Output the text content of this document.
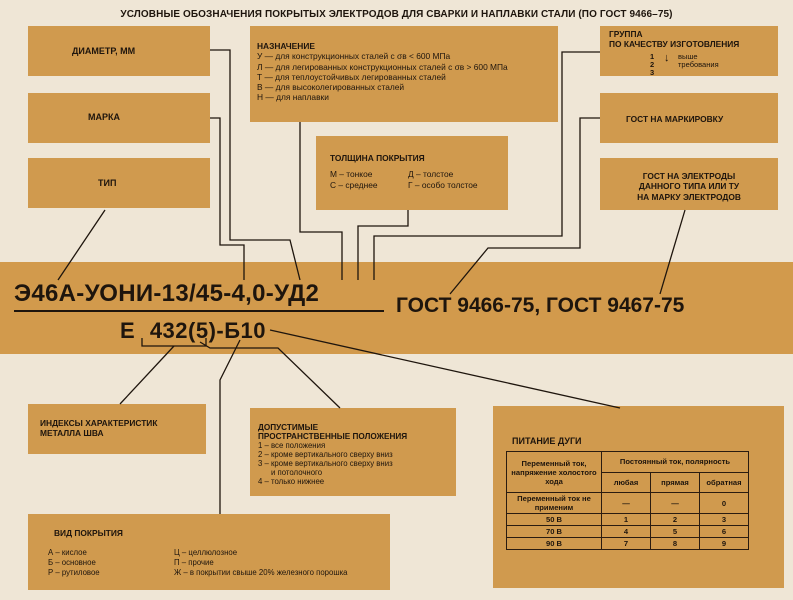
УСЛОВНЫЕ ОБОЗНАЧЕНИЯ ПОКРЫТЫХ ЭЛЕКТРОДОВ ДЛЯ СВАРКИ И НАПЛАВКИ СТАЛИ (ПО ГОСТ 9466–75)
ДИАМЕТР, ММ
МАРКА
ТИП
НАЗНАЧЕНИЕ
У — для конструкционных сталей с σв < 600 МПа
Л — для легированных конструкционных сталей с σв > 600 МПа
Т — для теплоустойчивых легированных сталей
В — для высоколегированных сталей
Н — для наплавки
ТОЛЩИНА ПОКРЫТИЯ
М – тонкое	Д – толстое
С – среднее	Г – особо толстое
ГРУППА
ПО КАЧЕСТВУ ИЗГОТОВЛЕНИЯ
1
2
3
↓ выше
требования
ГОСТ НА МАРКИРОВКУ
ГОСТ НА ЭЛЕКТРОДЫ
ДАННОГО ТИПА ИЛИ ТУ
НА МАРКУ ЭЛЕКТРОДОВ
Э46А-УОНИ-13/45-4,0-УД2
Е 432(5)-Б10
ГОСТ 9466-75, ГОСТ 9467-75
ИНДЕКСЫ ХАРАКТЕРИСТИК
МЕТАЛЛА ШВА
ДОПУСТИМЫЕ
ПРОСТРАНСТВЕННЫЕ ПОЛОЖЕНИЯ
1 – все положения
2 – кроме вертикального сверху вниз
3 – кроме вертикального сверху вниз
и потолочного
4 – только нижнее
ПИТАНИЕ ДУГИ
Переменный ток, напряжение холостого хода	Постоянный ток, полярность		
	любая	прямая	обратная
Переменный ток не применим	—	—	0
50 В	1	2	3
70 В	4	5	6
90 В	7	8	9
ВИД ПОКРЫТИЯ
А – кислое
Б – основное
Р – рутиловое
Ц – целлюлозное
П – прочие
Ж – в покрытии свыше 20% железного порошка
